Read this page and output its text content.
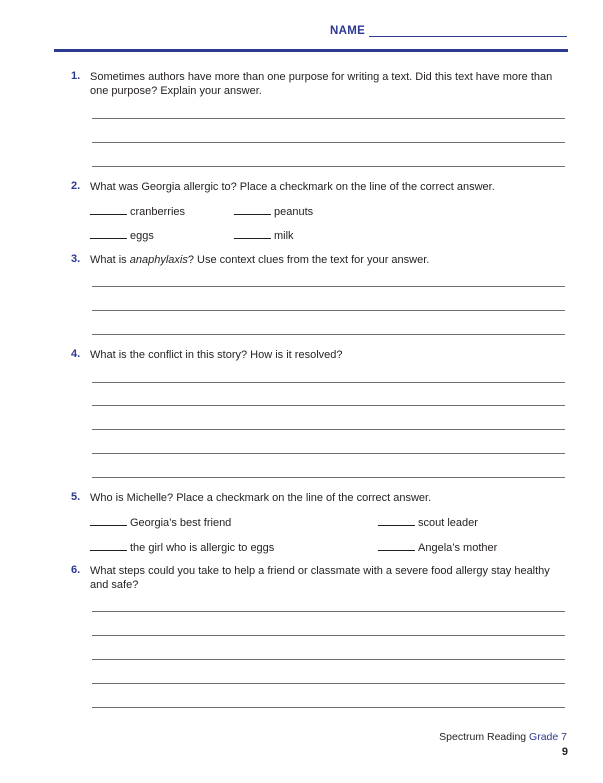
NAME
1. Sometimes authors have more than one purpose for writing a text. Did this text have more than one purpose? Explain your answer.
2. What was Georgia allergic to? Place a checkmark on the line of the correct answer.
cranberries	peanuts
eggs	milk
3. What is anaphylaxis? Use context clues from the text for your answer.
4. What is the conflict in this story? How is it resolved?
5. Who is Michelle? Place a checkmark on the line of the correct answer.
Georgia’s best friend	scout leader
the girl who is allergic to eggs	Angela’s mother
6. What steps could you take to help a friend or classmate with a severe food allergy stay healthy and safe?
Spectrum Reading Grade 7
9
